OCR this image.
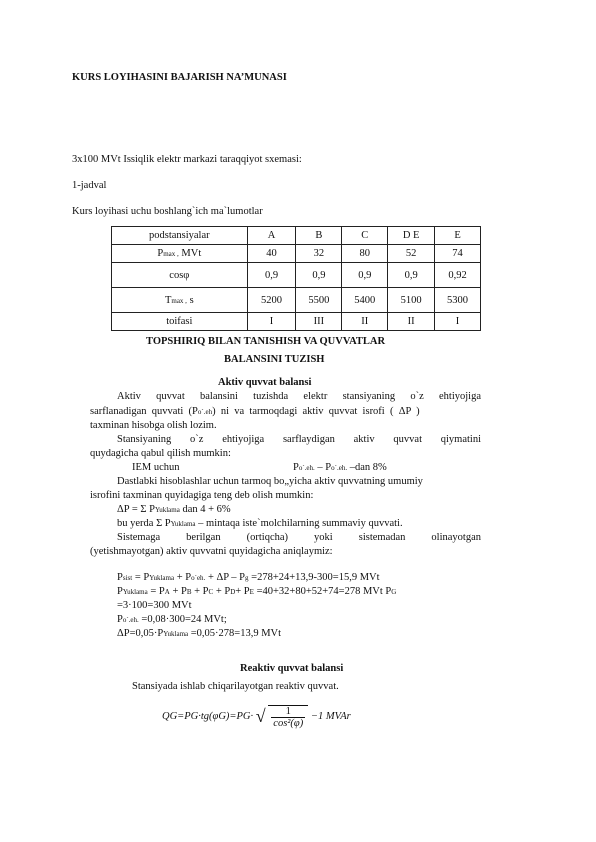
KURS LOYIHASINI BAJARISH NA’MUNASI
3x100 MVt Issiqlik elektr markazi taraqqiyot sxemasi:
1-jadval
Kurs loyihasi uchu boshlang`ich ma`lumotlar
podstansiyalar	A	B	C	D E	E
Pmax , MVt	40	32	80	52	74
cosφ	0,9	0,9	0,9	0,9	0,92
Tmax , s	5200	5500	5400	5100	5300
toifasi	I	III	II	II	I
TOPSHIRIQ BILAN TANISHISH VA QUVVATLAR
BALANSINI TUZISH
Aktiv quvvat balansi
Aktiv quvvat balansini tuzishda elektr stansiyaning o`z ehtiyojiga
sarflanadigan  quvvati  (Po`.eh)  ni  va  tarmoqdagi  aktiv  quvvat  isrofi  (  ΔP  )
taxminan hisobga olish lozim.
Stansiyaning o`z ehtiyojiga sarflaydigan aktiv quvvat qiymatini
quydagicha qabul qilish mumkin:
IEM uchun	Po`.eh. – Po`.eh. –dan 8%
Dastlabki hisoblashlar uchun tarmoq bo„yicha aktiv quvvatning umumiy
isrofini taxminan quyidagiga teng deb olish mumkin:
ΔP = Σ PYuklama dan 4 + 6%
bu yerda Σ PYuklama – mintaqa iste`molchilarning summaviy quvvati.
Sistemaga berilgan (ortiqcha) yoki sistemadan olinayotgan
(yetishmayotgan) aktiv quvvatni quyidagicha aniqlaymiz:
Psist = PYuklama + Po`eh. + ΔP – Pg =278+24+13,9-300=15,9 MVt
PYuklama = PA + PB + PC + PD+ PE =40+32+80+52+74=278 MVt PG
=3·100=300 MVt
Po`.eh. =0,08·300=24 MVt;
ΔP=0,05·PYuklama =0,05·278=13,9 MVt
Reaktiv quvvat balansi
Stansiyada ishlab chiqarilayotgan reaktiv quvvat.
QG=PG·tg(φG)=PG· √ $\frac{1}{\text{cos²(φ)}} -1$ MVAr
